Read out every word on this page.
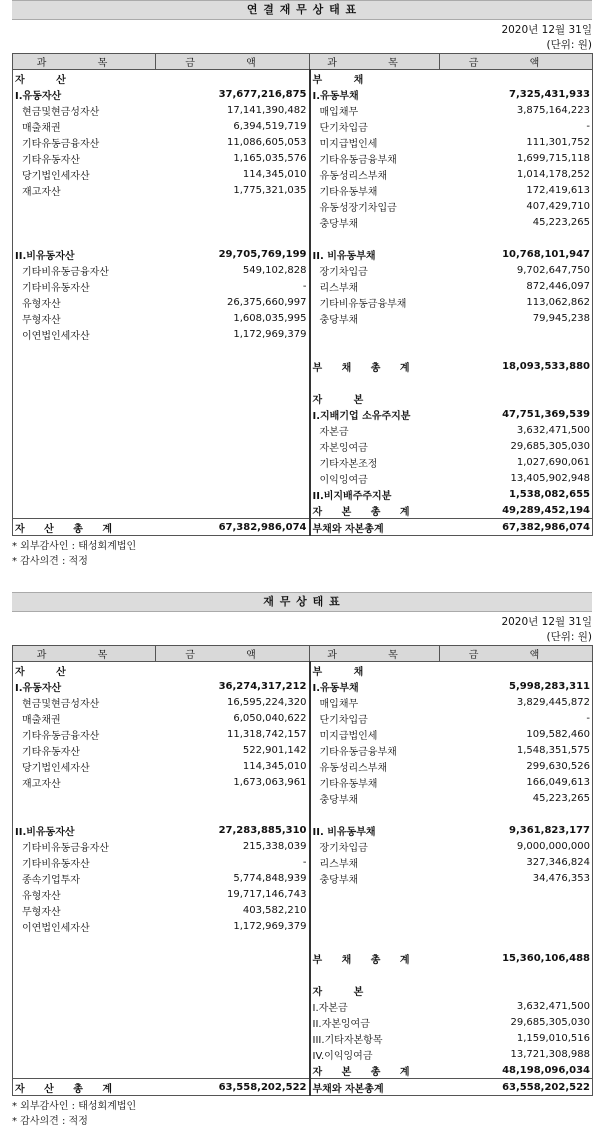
연 결 재 무 상 태 표
2020년 12월 31일
(단위: 원)
과 목	금 액	과 목	금 액
자 산		부 채	
I.유동자산	37,677,216,875	I.유동부채	7,325,431,933
현금및현금성자산	17,141,390,482	매입채무	3,875,164,223
매출채권	6,394,519,719	단기차입금	-
기타유동금융자산	11,086,605,053	미지급법인세	111,301,752
기타유동자산	1,165,035,576	기타유동금융부채	1,699,715,118
당기법인세자산	114,345,010	유동성리스부채	1,014,178,252
재고자산	1,775,321,035	기타유동부채	172,419,613
		유동성장기차입금	407,429,710
		충당부채	45,223,265

II.비유동자산	29,705,769,199	II. 비유동부채	10,768,101,947
기타비유동금융자산	549,102,828	장기차입금	9,702,647,750
기타비유동자산	-	리스부채	872,446,097
유형자산	26,375,660,997	기타비유동금융부채	113,062,862
무형자산	1,608,035,995	충당부채	79,945,238
이연법인세자산	1,172,969,379		

		부 채 총 계	18,093,533,880

		자 본	
		I.지배기업 소유주지분	47,751,369,539
		자본금	3,632,471,500
		자본잉여금	29,685,305,030
		기타자본조정	1,027,690,061
		이익잉여금	13,405,902,948
		II.비지배주주지분	1,538,082,655
		자 본 총 계	49,289,452,194
자 산 총 계	67,382,986,074	부채와 자본총계	67,382,986,074
* 외부감사인 : 태성회계법인
* 감사의견 : 적정
재 무 상 태 표
2020년 12월 31일
(단위: 원)
과 목	금 액	과 목	금 액
자 산		부 채	
I.유동자산	36,274,317,212	I.유동부채	5,998,283,311
현금및현금성자산	16,595,224,320	매입채무	3,829,445,872
매출채권	6,050,040,622	단기차입금	-
기타유동금융자산	11,318,742,157	미지급법인세	109,582,460
기타유동자산	522,901,142	기타유동금융부채	1,548,351,575
당기법인세자산	114,345,010	유동성리스부채	299,630,526
재고자산	1,673,063,961	기타유동부채	166,049,613
		충당부채	45,223,265

II.비유동자산	27,283,885,310	II. 비유동부채	9,361,823,177
기타비유동금융자산	215,338,039	장기차입금	9,000,000,000
기타비유동자산	-	리스부채	327,346,824
종속기업투자	5,774,848,939	충당부채	34,476,353
유형자산	19,717,146,743		
무형자산	403,582,210		
이연법인세자산	1,172,969,379		

		부 채 총 계	15,360,106,488

		자 본	
		I.자본금	3,632,471,500
		II.자본잉여금	29,685,305,030
		III.기타자본항목	1,159,010,516
		IV.이익잉여금	13,721,308,988
		자 본 총 계	48,198,096,034
자 산 총 계	63,558,202,522	부채와 자본총계	63,558,202,522
* 외부감사인 : 태성회계법인
* 감사의견 : 적정
